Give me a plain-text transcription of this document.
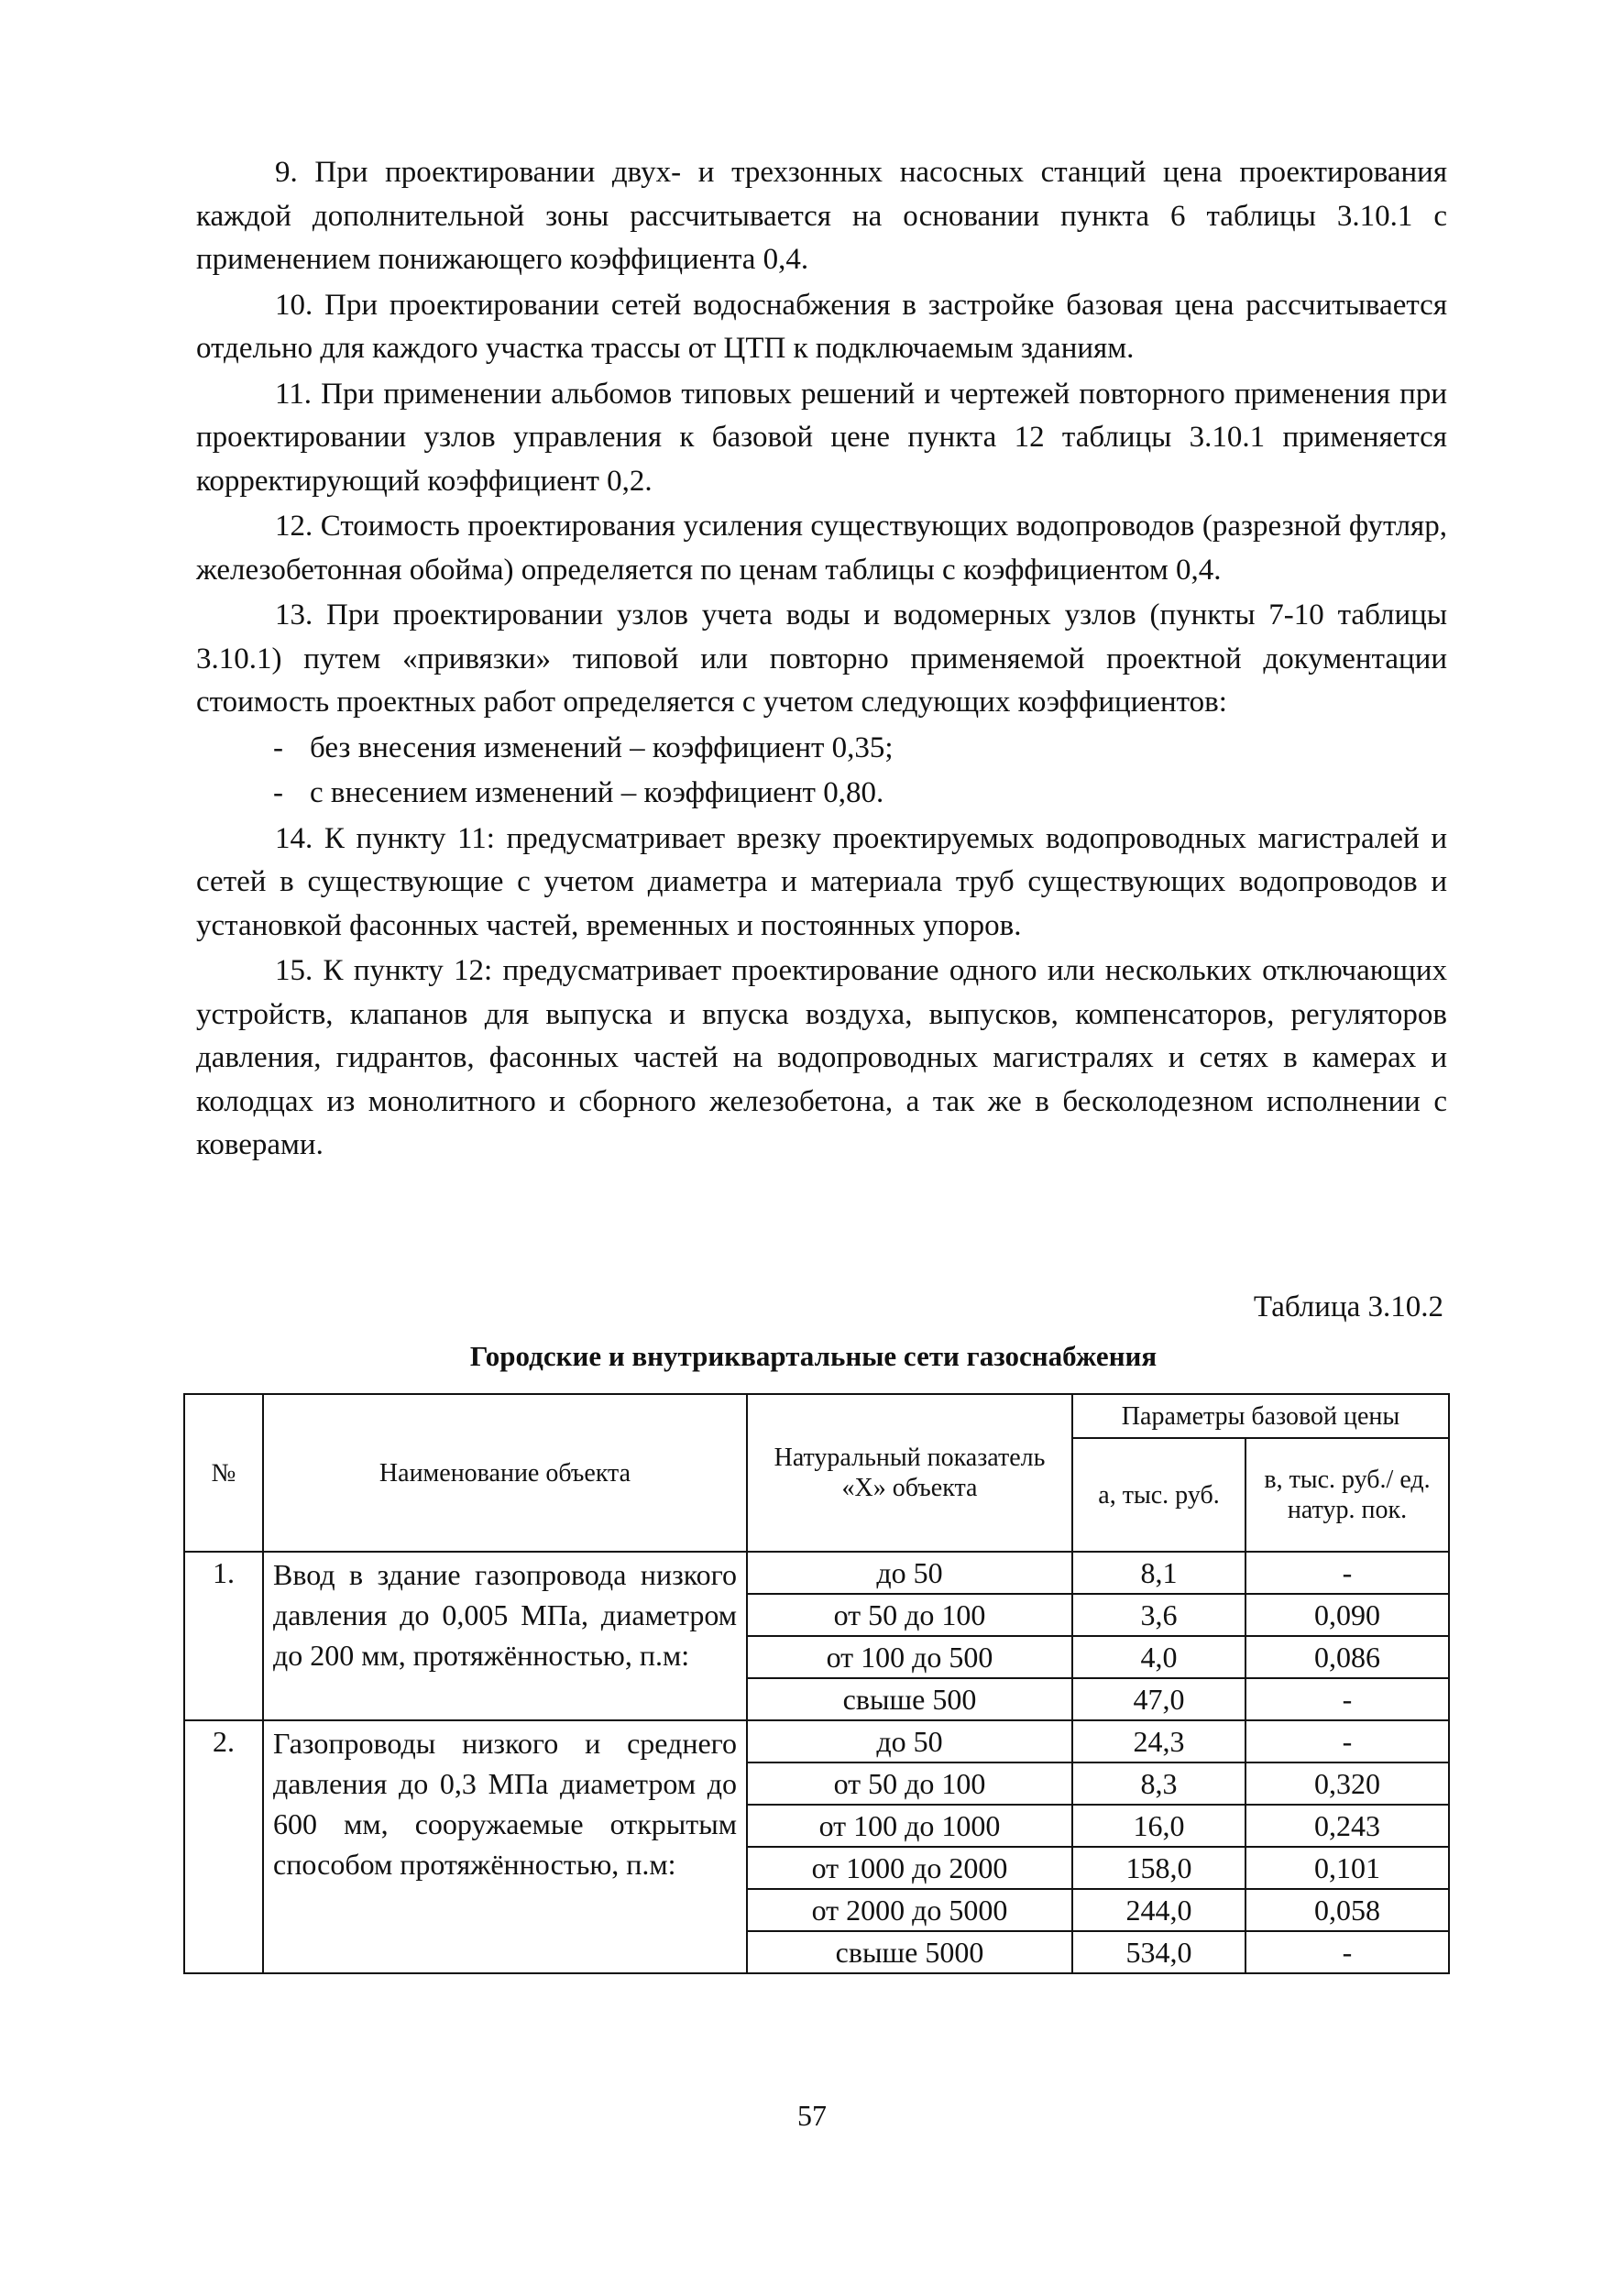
9. При проектировании двух- и трехзонных насосных станций цена проектирования каждой дополнительной зоны рассчитывается на основании пункта 6 таблицы 3.10.1 с применением понижающего коэффициента 0,4.

10. При проектировании сетей водоснабжения в застройке базовая цена рассчитывается отдельно для каждого участка трассы от ЦТП к подключаемым зданиям.

11. При применении альбомов типовых решений и чертежей повторного применения при проектировании узлов управления к базовой цене пункта 12 таблицы 3.10.1 применяется корректирующий коэффициент 0,2.

12. Стоимость проектирования усиления существующих водопроводов (разрезной футляр, железобетонная обойма) определяется по ценам таблицы с коэффициентом 0,4.

13. При проектировании узлов учета воды и водомерных узлов (пункты 7-10 таблицы 3.10.1) путем «привязки» типовой или повторно применяемой проектной документации стоимость проектных работ определяется с учетом следующих коэффициентов:

- без внесения изменений – коэффициент 0,35;

- с внесением изменений – коэффициент 0,80.

14. К пункту 11: предусматривает врезку проектируемых водопроводных магистралей и сетей в существующие с учетом диаметра и материала труб существующих водопроводов и установкой фасонных частей, временных и постоянных упоров.

15. К пункту 12: предусматривает проектирование одного или нескольких отключающих устройств, клапанов для выпуска и впуска воздуха, выпусков, компенсаторов, регуляторов давления, гидрантов, фасонных частей на водопроводных магистралях и сетях в камерах и колодцах из монолитного и сборного железобетона, а так же в бесколодезном исполнении с коверами.

Таблица 3.10.2
Городские и внутриквартальные сети газоснабжения
№	Наименование объекта	Натуральный показатель «Х» объекта	Параметры базовой цены	
			а, тыс. руб.	в, тыс. руб./ ед. натур. пок.
1.	Ввод в здание газопровода низкого давления до 0,005 МПа, диаметром до 200 мм, протяжённостью, п.м:	до 50	8,1	-
		от 50 до 100	3,6	0,090
		от 100 до 500	4,0	0,086
		свыше 500	47,0	-
2.	Газопроводы низкого и среднего давления до 0,3 МПа диаметром до 600 мм, сооружаемые открытым способом протяжённостью, п.м:	до 50	24,3	-
		от 50 до 100	8,3	0,320
		от 100 до 1000	16,0	0,243
		от 1000 до 2000	158,0	0,101
		от 2000 до 5000	244,0	0,058
		свыше 5000	534,0	-
57
